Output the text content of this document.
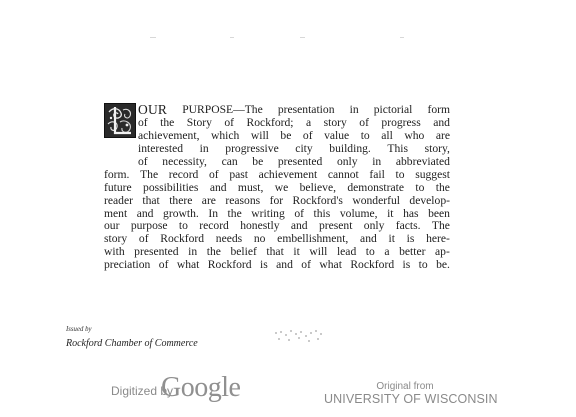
OUR PURPOSE—The presentation in pictorial form
of the Story of Rockford; a story of progress and
achievement, which will be of value to all who are
interested in progressive city building. This story,
of necessity, can be presented only in abbreviated
form. The record of past achievement cannot fail to suggest
future possibilities and must, we believe, demonstrate to the
reader that there are reasons for Rockford's wonderful develop-
ment and growth. In the writing of this volume, it has been
our purpose to record honestly and present only facts. The
story of Rockford needs no embellishment, and it is here-
with presented in the belief that it will lead to a better ap-
preciation of what Rockford is and of what Rockford is to be.
Issued by
Rockford Chamber of Commerce
Digitized by
Google	Original from
UNIVERSITY OF WISCONSIN
